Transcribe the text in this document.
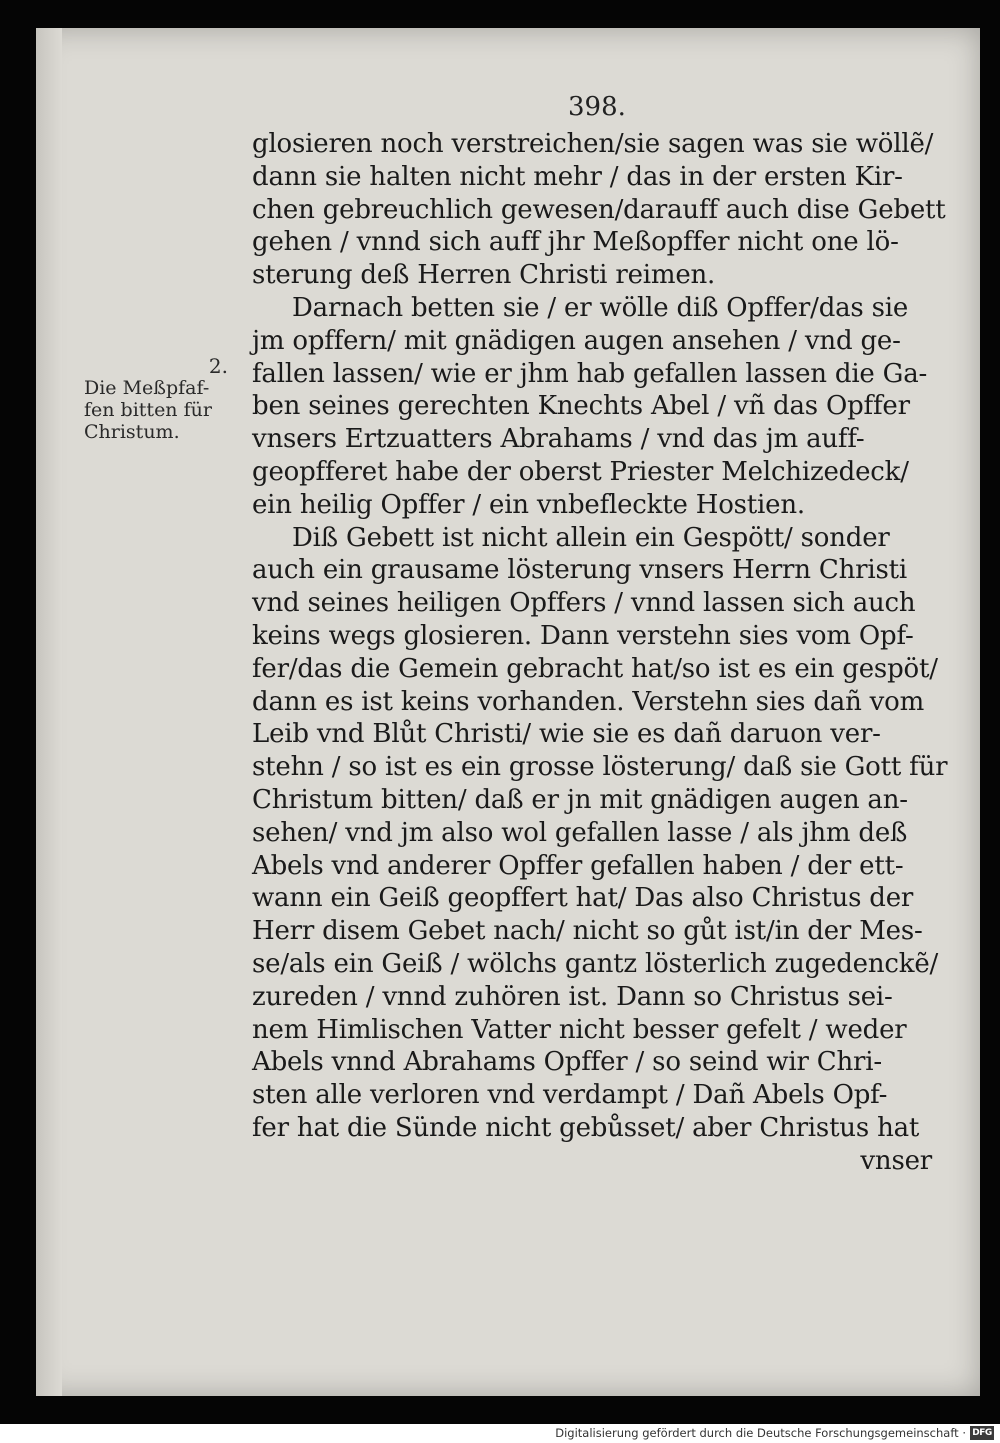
398.
2.
Die Meßpfaf-
fen bitten für
Christum.
glosieren noch verstreichen/sie sagen was sie wöllẽ/
dann sie halten nicht mehr / das in der ersten Kir-
chen gebreuchlich gewesen/darauff auch dise Gebett
gehen / vnnd sich auff jhr Meßopffer nicht one lö-
sterung deß Herren Christi reimen.
Darnach betten sie / er wölle diß Opffer/das sie
jm opffern/ mit gnädigen augen ansehen / vnd ge-
fallen lassen/ wie er jhm hab gefallen lassen die Ga-
ben seines gerechten Knechts Abel / vñ das Opffer
vnsers Ertzuatters Abrahams / vnd das jm auff-
geopfferet habe der oberst Priester Melchizedeck/
ein heilig Opffer / ein vnbefleckte Hostien.
Diß Gebett ist nicht allein ein Gespött/ sonder
auch ein grausame lösterung vnsers Herrn Christi
vnd seines heiligen Opffers / vnnd lassen sich auch
keins wegs glosieren. Dann verstehn sies vom Opf-
fer/das die Gemein gebracht hat/so ist es ein gespöt/
dann es ist keins vorhanden. Verstehn sies dañ vom
Leib vnd Blůt Christi/ wie sie es dañ daruon ver-
stehn / so ist es ein grosse lösterung/ daß sie Gott für
Christum bitten/ daß er jn mit gnädigen augen an-
sehen/ vnd jm also wol gefallen lasse / als jhm deß
Abels vnd anderer Opffer gefallen haben / der ett-
wann ein Geiß geopffert hat/ Das also Christus der
Herr disem Gebet nach/ nicht so gůt ist/in der Mes-
se/als ein Geiß / wölchs gantz lösterlich zugedenckẽ/
zureden / vnnd zuhören ist. Dann so Christus sei-
nem Himlischen Vatter nicht besser gefelt / weder
Abels vnnd Abrahams Opffer / so seind wir Chri-
sten alle verloren vnd verdampt / Dañ Abels Opf-
fer hat die Sünde nicht gebůsset/ aber Christus hat
vnser
Digitalisierung gefördert durch die Deutsche Forschungsgemeinschaft · DFG
